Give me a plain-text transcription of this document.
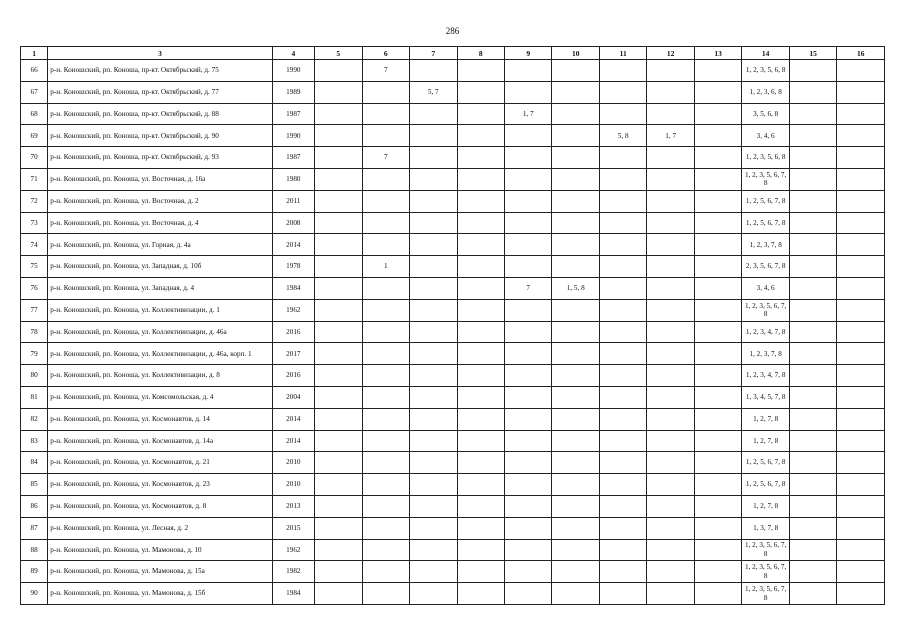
286
1	3	4	5	6	7	8	9	10	11	12	13	14	15	16
66	р-н. Коношский, рп. Коноша, пр-кт. Октябрьский, д. 75	1990		7								1, 2, 3, 5, 6, 8		
67	р-н. Коношский, рп. Коноша, пр-кт. Октябрьский, д. 77	1989			5, 7							1, 2, 3, 6, 8		
68	р-н. Коношский, рп. Коноша, пр-кт. Октябрьский, д. 88	1987					1, 7					3, 5, 6, 8		
69	р-н. Коношский, рп. Коноша, пр-кт. Октябрьский, д. 90	1990							5, 8	1, 7		3, 4, 6		
70	р-н. Коношский, рп. Коноша, пр-кт. Октябрьский, д. 93	1987		7								1, 2, 3, 5, 6, 8		
71	р-н. Коношский, рп. Коноша, ул. Восточная, д. 16а	1980										1, 2, 3, 5, 6, 7, 8		
72	р-н. Коношский, рп. Коноша, ул. Восточная, д. 2	2011										1, 2, 5, 6, 7, 8		
73	р-н. Коношский, рп. Коноша, ул. Восточная, д. 4	2008										1, 2, 5, 6, 7, 8		
74	р-н. Коношский, рп. Коноша, ул. Горная, д. 4а	2014										1, 2, 3, 7, 8		
75	р-н. Коношский, рп. Коноша, ул. Западная, д. 10б	1978		1								2, 3, 5, 6, 7, 8		
76	р-н. Коношский, рп. Коноша, ул. Западная, д. 4	1984					7	1, 5, 8				3, 4, 6		
77	р-н. Коношский, рп. Коноша, ул. Коллективизации, д. 1	1962										1, 2, 3, 5, 6, 7, 8		
78	р-н. Коношский, рп. Коноша, ул. Коллективизации, д. 46а	2016										1, 2, 3, 4, 7, 8		
79	р-н. Коношский, рп. Коноша, ул. Коллективизации, д. 46а, корп. 1	2017										1, 2, 3, 7, 8		
80	р-н. Коношский, рп. Коноша, ул. Коллективизации, д. 8	2016										1, 2, 3, 4, 7, 8		
81	р-н. Коношский, рп. Коноша, ул. Комсомольская, д. 4	2004										1, 3, 4, 5, 7, 8		
82	р-н. Коношский, рп. Коноша, ул. Космонавтов, д. 14	2014										1, 2, 7, 8		
83	р-н. Коношский, рп. Коноша, ул. Космонавтов, д. 14а	2014										1, 2, 7, 8		
84	р-н. Коношский, рп. Коноша, ул. Космонавтов, д. 21	2010										1, 2, 5, 6, 7, 8		
85	р-н. Коношский, рп. Коноша, ул. Космонавтов, д. 23	2010										1, 2, 5, 6, 7, 8		
86	р-н. Коношский, рп. Коноша, ул. Космонавтов, д. 8	2013										1, 2, 7, 8		
87	р-н. Коношский, рп. Коноша, ул. Лесная, д. 2	2015										1, 3, 7, 8		
88	р-н. Коношский, рп. Коноша, ул. Мамонова, д. 10	1962										1, 2, 3, 5, 6, 7, 8		
89	р-н. Коношский, рп. Коноша, ул. Мамонова, д. 15а	1982										1, 2, 3, 5, 6, 7, 8		
90	р-н. Коношский, рп. Коноша, ул. Мамонова, д. 15б	1984										1, 2, 3, 5, 6, 7, 8		
